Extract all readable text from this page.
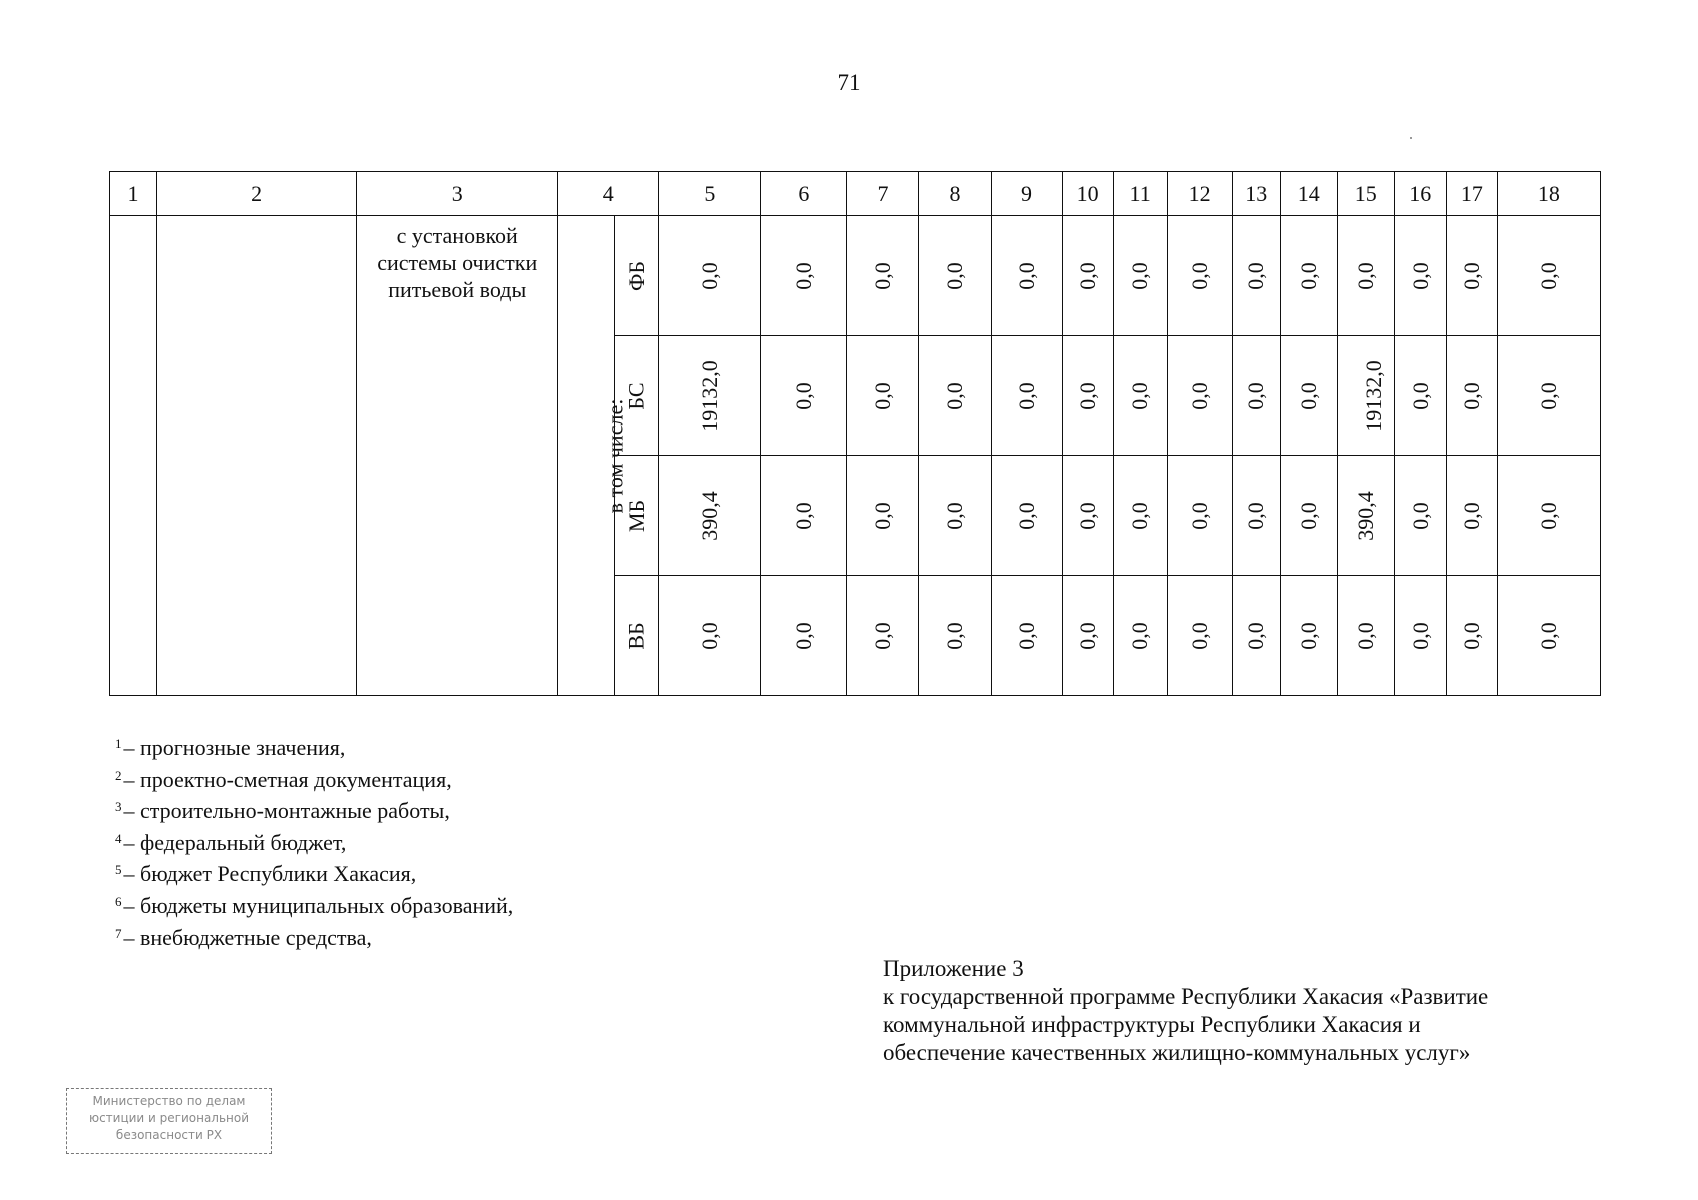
71
1	2	3	4		5	6	7	8	9	10	11	12	13	14	15	16	17	18
		с установкой системы очистки питьевой воды	в том числе:	ФБ	0,0	0,0	0,0	0,0	0,0	0,0	0,0	0,0	0,0	0,0	0,0	0,0	0,0	0,0
				БС	19132,0	0,0	0,0	0,0	0,0	0,0	0,0	0,0	0,0	0,0	19132,0	0,0	0,0	0,0
				МБ	390,4	0,0	0,0	0,0	0,0	0,0	0,0	0,0	0,0	0,0	390,4	0,0	0,0	0,0
				ВБ	0,0	0,0	0,0	0,0	0,0	0,0	0,0	0,0	0,0	0,0	0,0	0,0	0,0	0,0
$^1$– прогнозные значения,
$^2$– проектно-сметная документация,
$^3$– строительно-монтажные работы,
$^4$– федеральный бюджет,
$^5$– бюджет Республики Хакасия,
$^6$– бюджеты муниципальных образований,
$^7$– внебюджетные средства,
Приложение 3
к государственной программе Республики Хакасия «Развитие
коммунальной инфраструктуры Республики Хакасия и
обеспечение качественных жилищно-коммунальных услуг»
Министерство по делам
юстиции и региональной
безопасности РХ
